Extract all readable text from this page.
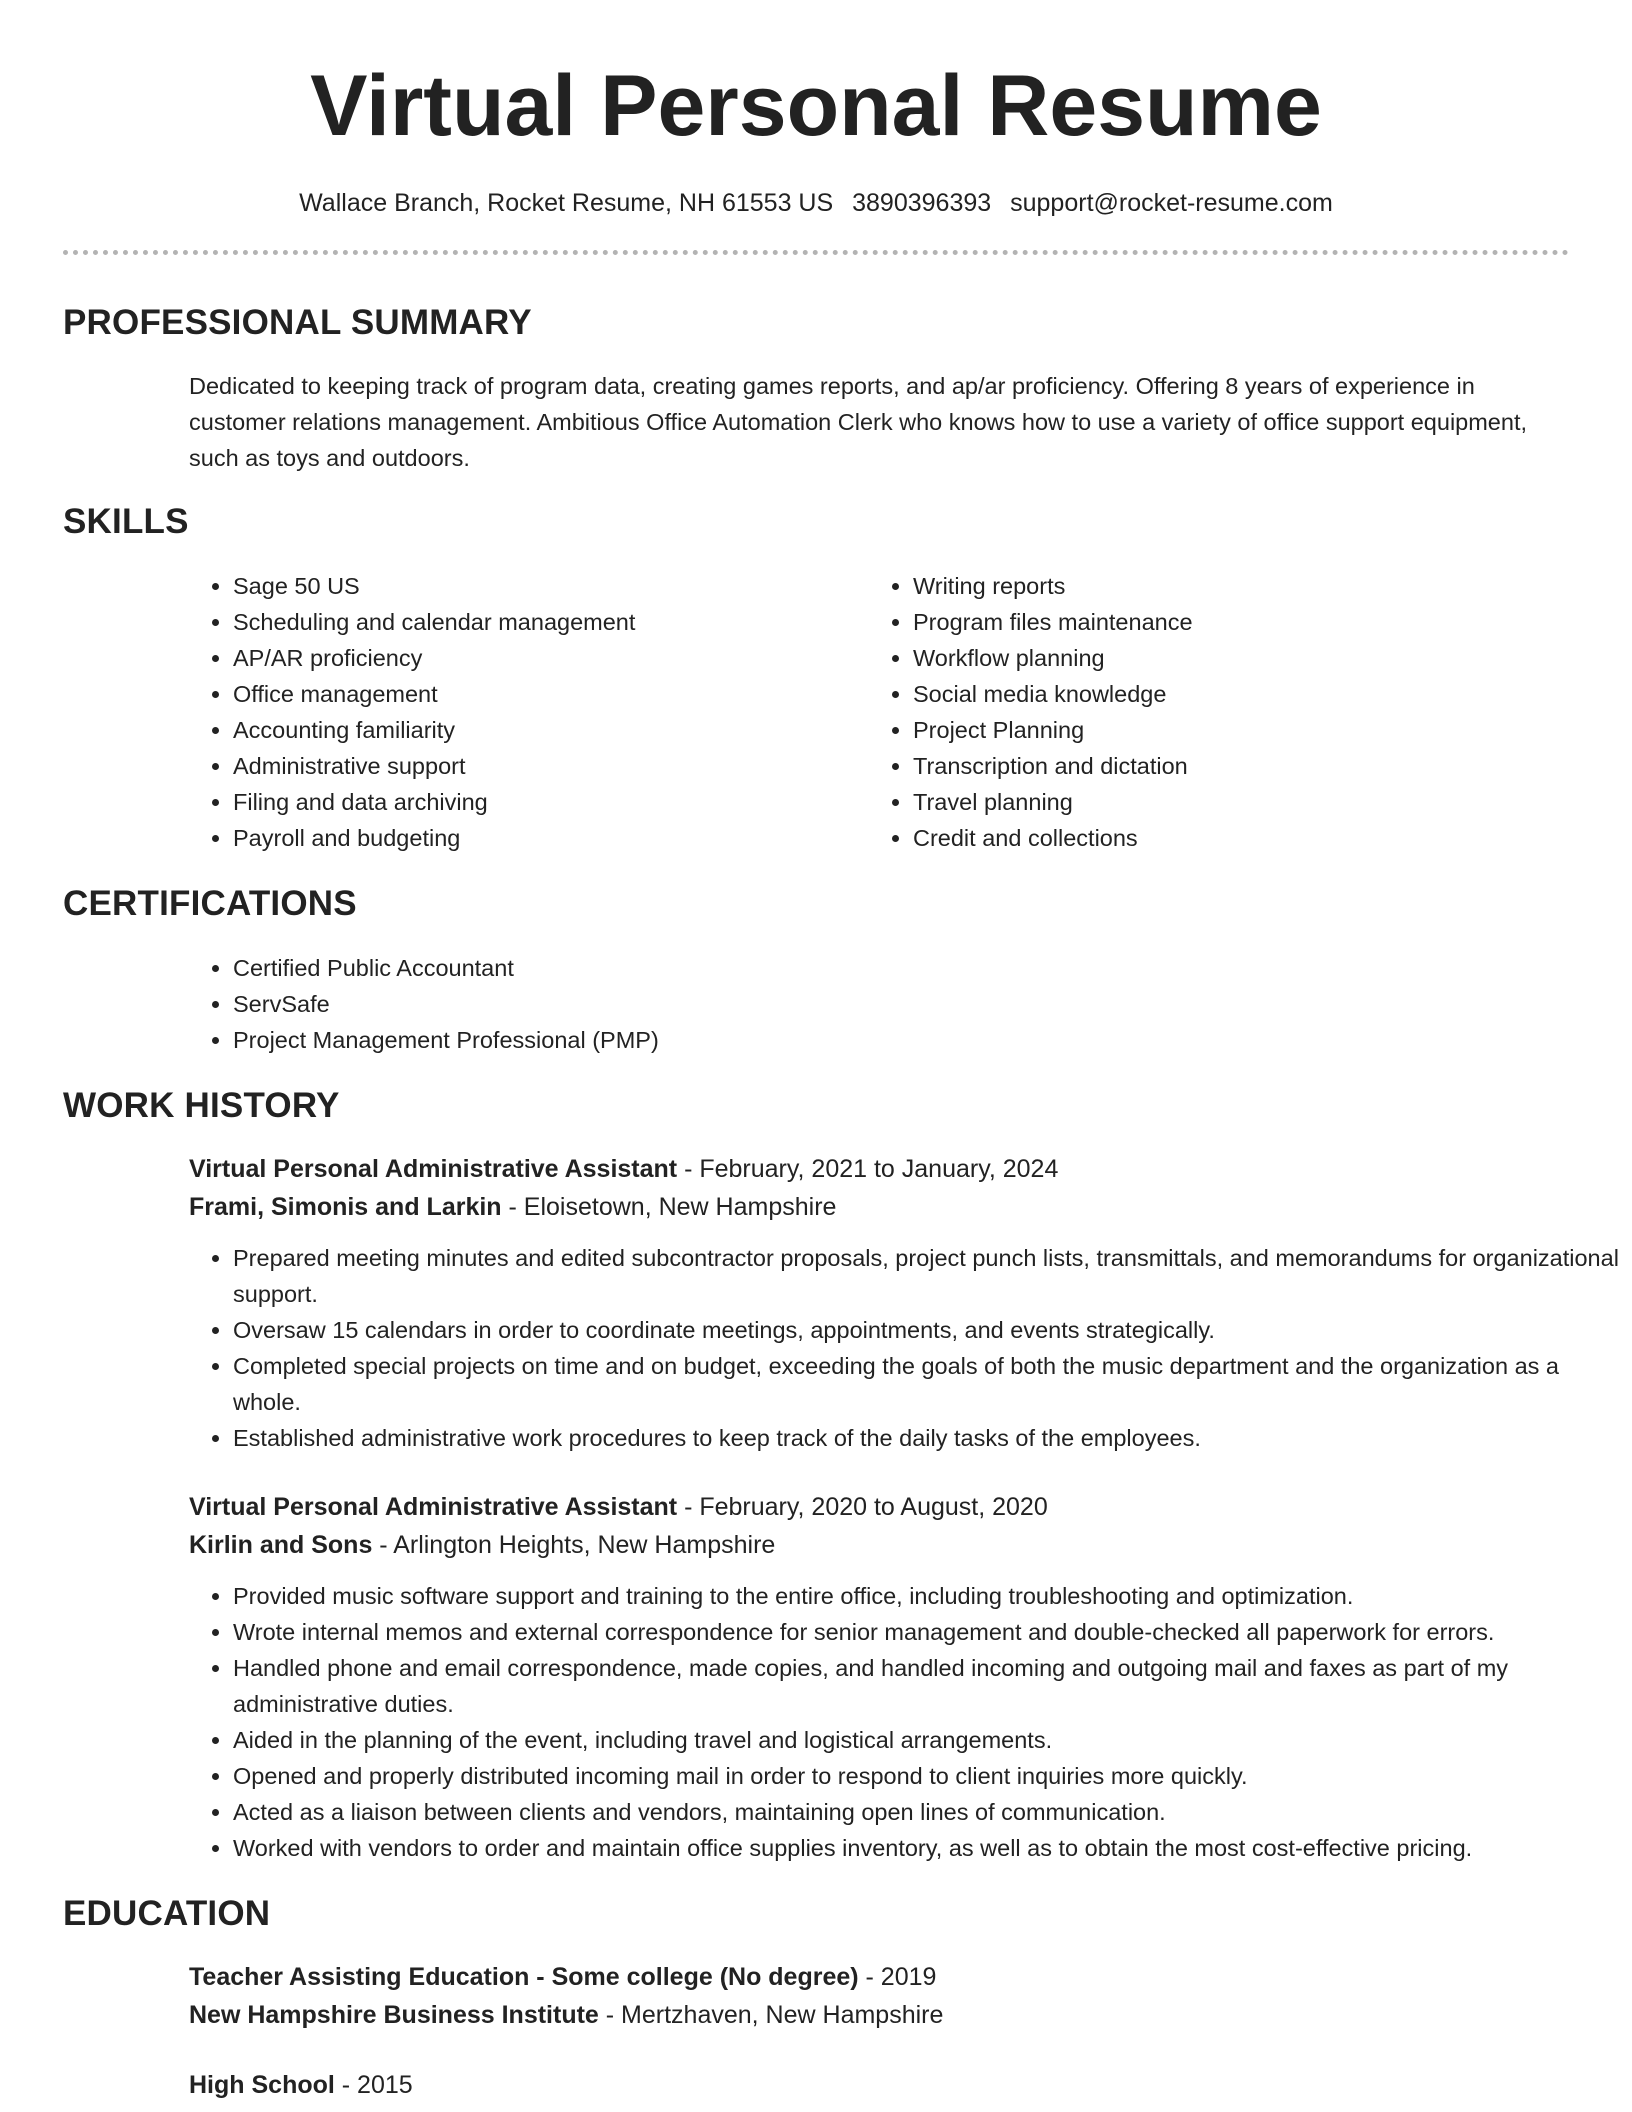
Virtual Personal Resume
Wallace Branch, Rocket Resume, NH 61553 US 3890396393 support@rocket-resume.com
PROFESSIONAL SUMMARY

Dedicated to keeping track of program data, creating games reports, and ap/ar proficiency. Offering 8 years of experience in customer relations management. Ambitious Office Automation Clerk who knows how to use a variety of office support equipment, such as toys and outdoors.

SKILLS
• Sage 50 US
• Scheduling and calendar management
• AP/AR proficiency
• Office management
• Accounting familiarity
• Administrative support
• Filing and data archiving
• Payroll and budgeting
• Writing reports
• Program files maintenance
• Workflow planning
• Social media knowledge
• Project Planning
• Transcription and dictation
• Travel planning
• Credit and collections
CERTIFICATIONS
• Certified Public Accountant
• ServSafe
• Project Management Professional (PMP)
WORK HISTORY
Virtual Personal Administrative Assistant - February, 2021 to January, 2024
Frami, Simonis and Larkin - Eloisetown, New Hampshire
• Prepared meeting minutes and edited subcontractor proposals, project punch lists, transmittals, and memorandums for organizational support.
• Oversaw 15 calendars in order to coordinate meetings, appointments, and events strategically.
• Completed special projects on time and on budget, exceeding the goals of both the music department and the organization as a whole.
• Established administrative work procedures to keep track of the daily tasks of the employees.
Virtual Personal Administrative Assistant - February, 2020 to August, 2020
Kirlin and Sons - Arlington Heights, New Hampshire
• Provided music software support and training to the entire office, including troubleshooting and optimization.
• Wrote internal memos and external correspondence for senior management and double-checked all paperwork for errors.
• Handled phone and email correspondence, made copies, and handled incoming and outgoing mail and faxes as part of my administrative duties.
• Aided in the planning of the event, including travel and logistical arrangements.
• Opened and properly distributed incoming mail in order to respond to client inquiries more quickly.
• Acted as a liaison between clients and vendors, maintaining open lines of communication.
• Worked with vendors to order and maintain office supplies inventory, as well as to obtain the most cost-effective pricing.
EDUCATION
Teacher Assisting Education - Some college (No degree) - 2019
New Hampshire Business Institute - Mertzhaven, New Hampshire
High School - 2015
